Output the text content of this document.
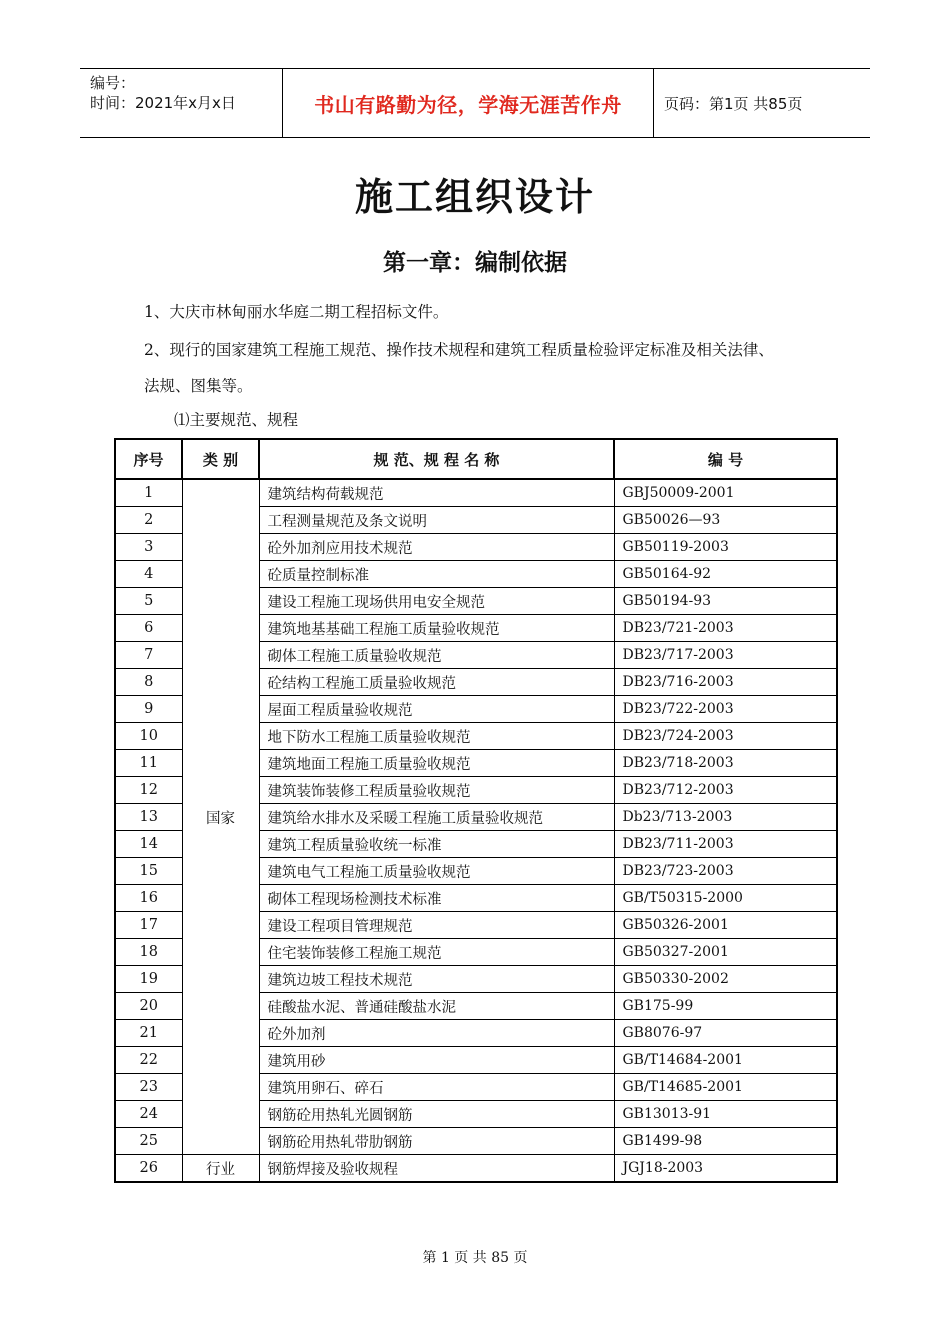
编号：
时间：2021年x月x日	书山有路勤为径，学海无涯苦作舟	页码：第1页 共85页
施工组织设计
第一章：编制依据
1、大庆市林甸丽水华庭二期工程招标文件。
2、现行的国家建筑工程施工规范、操作技术规程和建筑工程质量检验评定标准及相关法律、
法规、图集等。
⑴主要规范、规程
序号	类 别	规 范、规 程 名 称	编 号
1	国家	建筑结构荷载规范	GBJ50009-2001
2		工程测量规范及条文说明	GB50026—93
3		砼外加剂应用技术规范	GB50119-2003
4		砼质量控制标准	GB50164-92
5		建设工程施工现场供用电安全规范	GB50194-93
6		建筑地基基础工程施工质量验收规范	DB23/721-2003
7		砌体工程施工质量验收规范	DB23/717-2003
8		砼结构工程施工质量验收规范	DB23/716-2003
9		屋面工程质量验收规范	DB23/722-2003
10		地下防水工程施工质量验收规范	DB23/724-2003
11		建筑地面工程施工质量验收规范	DB23/718-2003
12		建筑装饰装修工程质量验收规范	DB23/712-2003
13		建筑给水排水及采暖工程施工质量验收规范	Db23/713-2003
14		建筑工程质量验收统一标准	DB23/711-2003
15		建筑电气工程施工质量验收规范	DB23/723-2003
16		砌体工程现场检测技术标准	GB/T50315-2000
17		建设工程项目管理规范	GB50326-2001
18		住宅装饰装修工程施工规范	GB50327-2001
19		建筑边坡工程技术规范	GB50330-2002
20		硅酸盐水泥、普通硅酸盐水泥	GB175-99
21		砼外加剂	GB8076-97
22		建筑用砂	GB/T14684-2001
23		建筑用卵石、碎石	GB/T14685-2001
24		钢筋砼用热轧光圆钢筋	GB13013-91
25		钢筋砼用热轧带肋钢筋	GB1499-98
26	行业	钢筋焊接及验收规程	JGJ18-2003
第 1 页 共 85 页
